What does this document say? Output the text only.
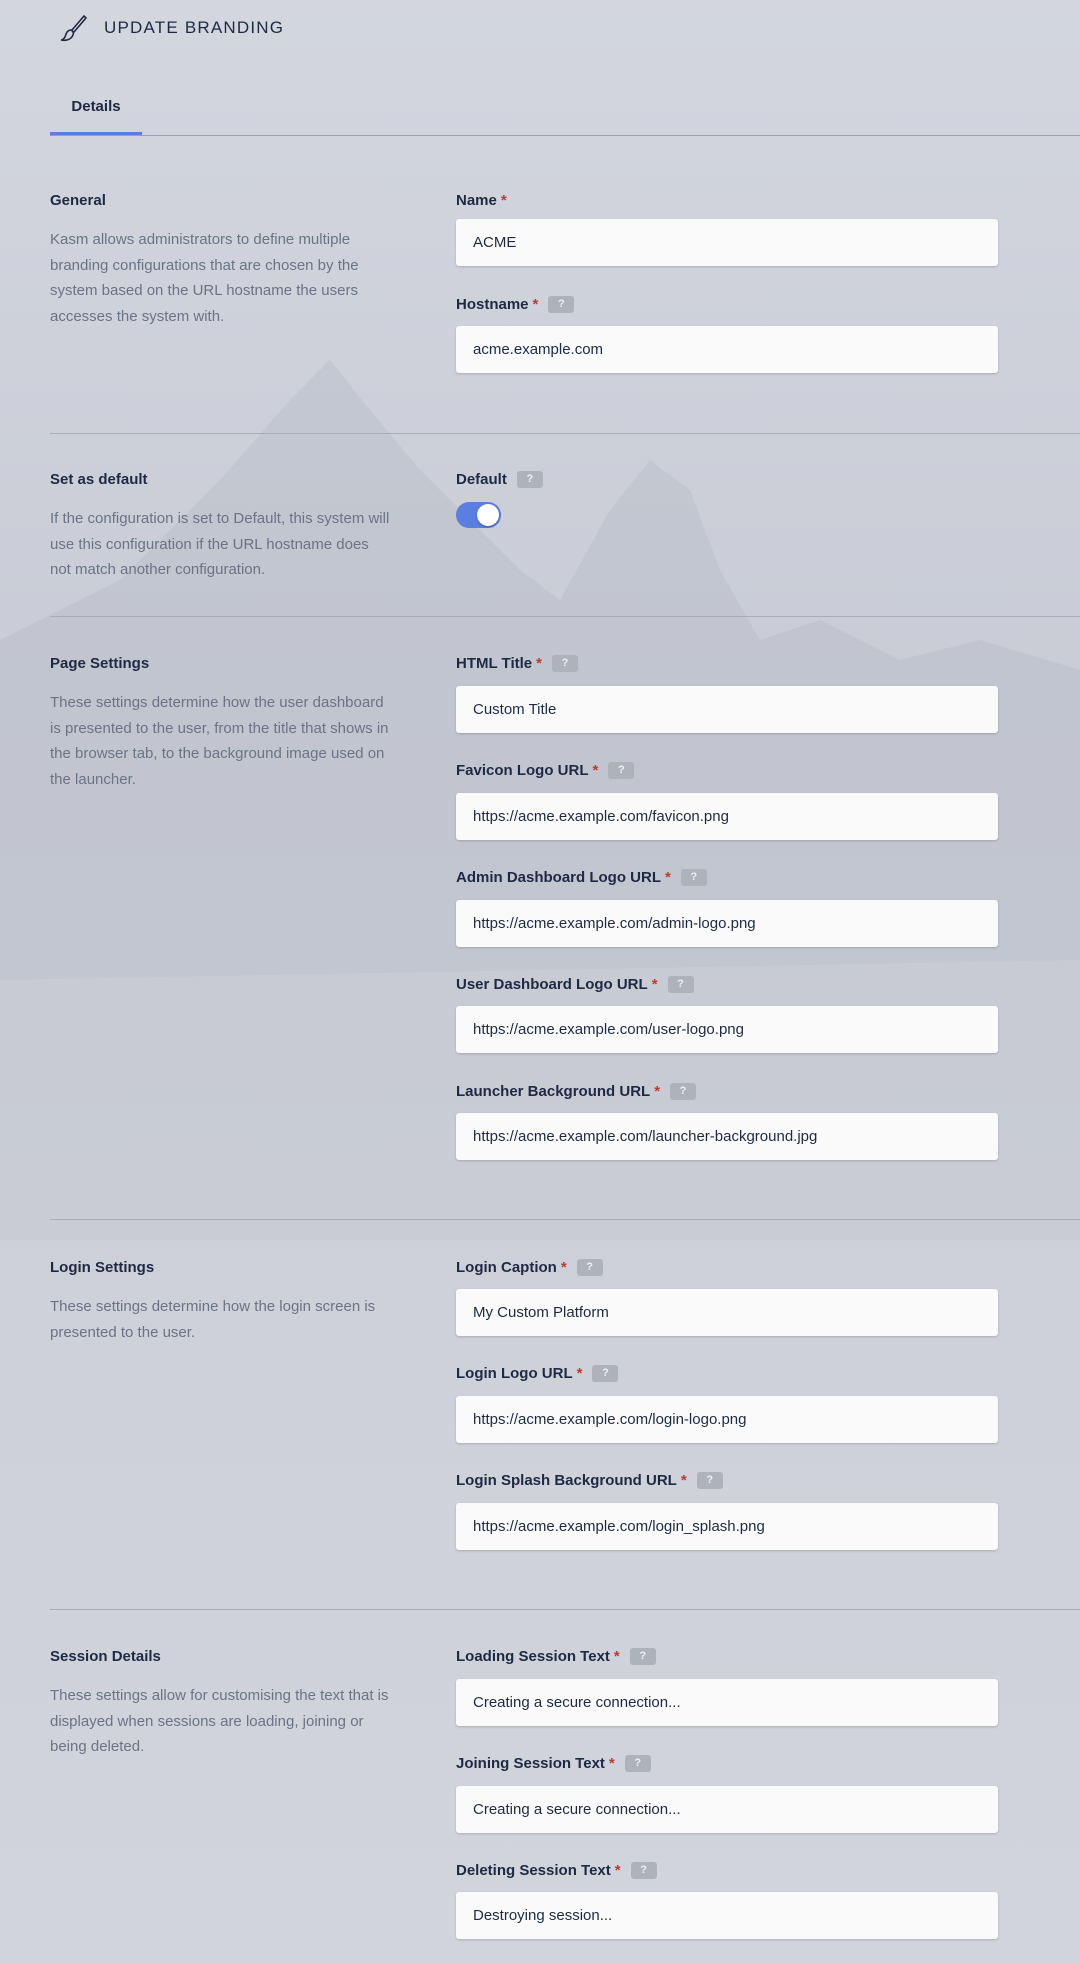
UPDATE BRANDING
Details
General
Kasm allows administrators to define multiple branding configurations that are chosen by the system based on the URL hostname the users accesses the system with.
Name *
ACME
Hostname *	?
acme.example.com
Set as default
If the configuration is set to Default, this system will use this configuration if the URL hostname does not match another configuration.
Default	?
Page Settings
These settings determine how the user dashboard is presented to the user, from the title that shows in the browser tab, to the background image used on the launcher.
HTML Title *	?
Custom Title
Favicon Logo URL *	?
https://acme.example.com/favicon.png
Admin Dashboard Logo URL *	?
https://acme.example.com/admin-logo.png
User Dashboard Logo URL *	?
https://acme.example.com/user-logo.png
Launcher Background URL *	?
https://acme.example.com/launcher-background.jpg
Login Settings
These settings determine how the login screen is presented to the user.
Login Caption *	?
My Custom Platform
Login Logo URL *	?
https://acme.example.com/login-logo.png
Login Splash Background URL *	?
https://acme.example.com/login_splash.png
Session Details
These settings allow for customising the text that is displayed when sessions are loading, joining or being deleted.
Loading Session Text *	?
Creating a secure connection...
Joining Session Text *	?
Creating a secure connection...
Deleting Session Text *	?
Destroying session...
